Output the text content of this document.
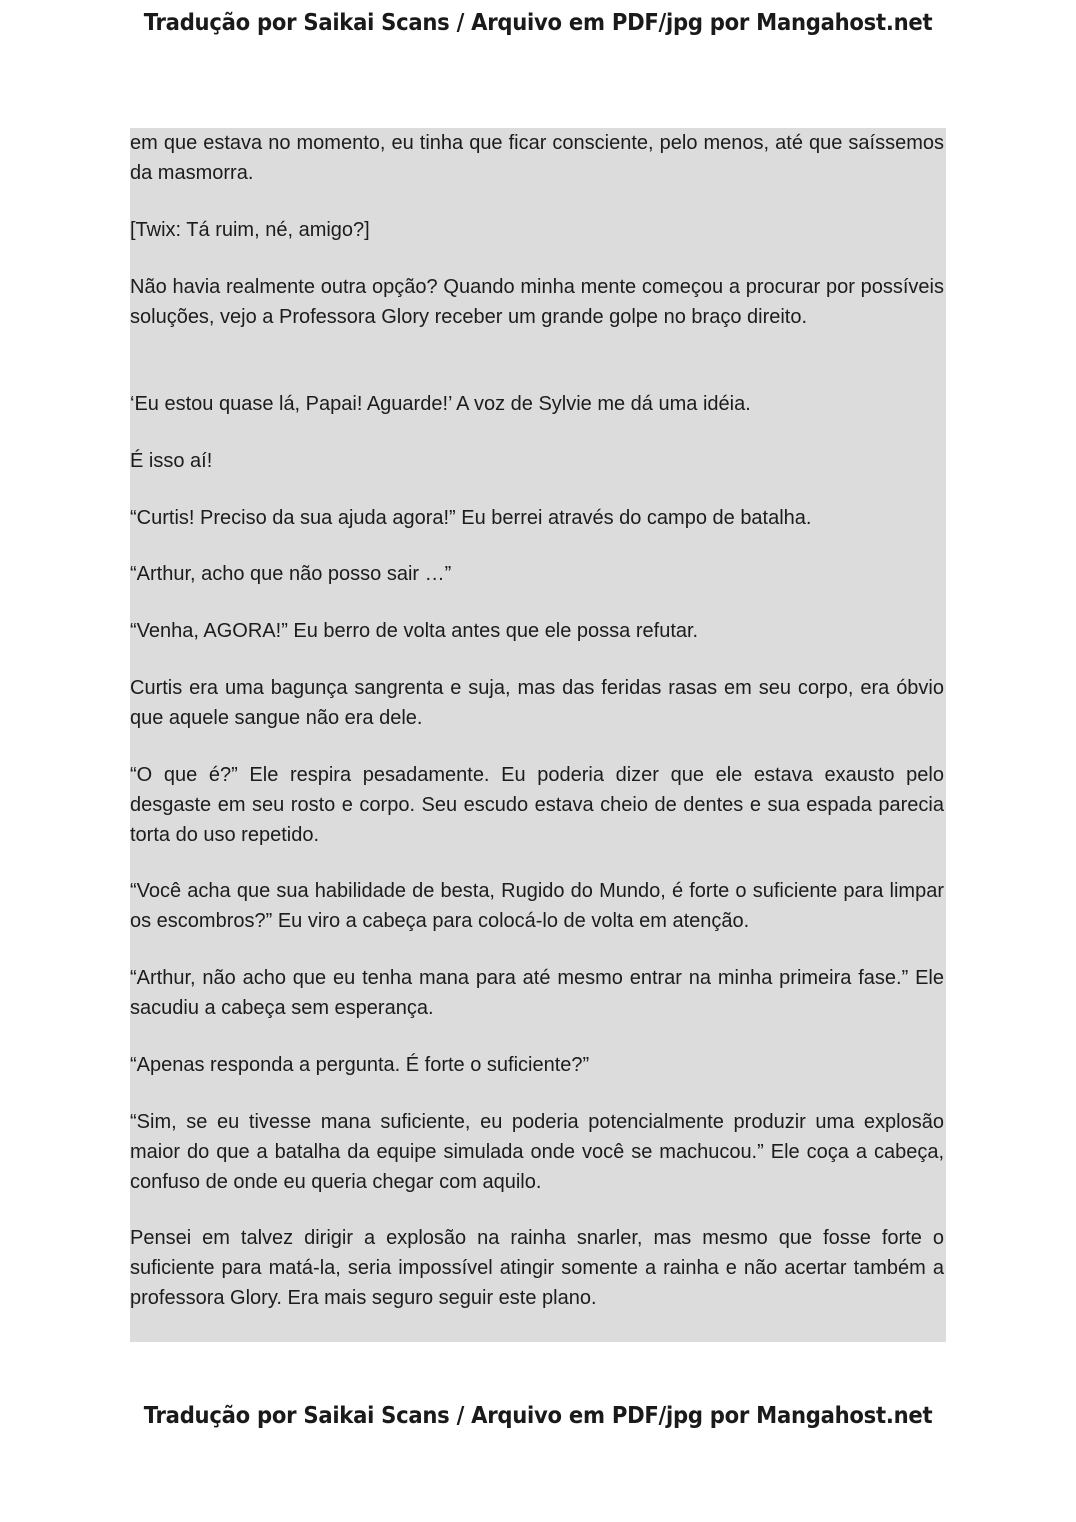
Tradução por Saikai Scans / Arquivo em PDF/jpg por Mangahost.net

em que estava no momento, eu tinha que ficar consciente, pelo menos, até que saíssemos da masmorra.

[Twix: Tá ruim, né, amigo?]

Não havia realmente outra opção? Quando minha mente começou a procurar por possíveis soluções, vejo a Professora Glory receber um grande golpe no braço direito.

‘Eu estou quase lá, Papai! Aguarde!’ A voz de Sylvie me dá uma idéia.

É isso aí!

“Curtis! Preciso da sua ajuda agora!” Eu berrei através do campo de batalha.

“Arthur, acho que não posso sair …”

“Venha, AGORA!” Eu berro de volta antes que ele possa refutar.

Curtis era uma bagunça sangrenta e suja, mas das feridas rasas em seu corpo, era óbvio que aquele sangue não era dele.

“O que é?” Ele respira pesadamente. Eu poderia dizer que ele estava exausto pelo desgaste em seu rosto e corpo. Seu escudo estava cheio de dentes e sua espada parecia torta do uso repetido.

“Você acha que sua habilidade de besta, Rugido do Mundo, é forte o suficiente para limpar os escombros?” Eu viro a cabeça para colocá-lo de volta em atenção.

“Arthur, não acho que eu tenha mana para até mesmo entrar na minha primeira fase.” Ele sacudiu a cabeça sem esperança.

“Apenas responda a pergunta. É forte o suficiente?”

“Sim, se eu tivesse mana suficiente, eu poderia potencialmente produzir uma explosão maior do que a batalha da equipe simulada onde você se machucou.” Ele coça a cabeça, confuso de onde eu queria chegar com aquilo.

Pensei em talvez dirigir a explosão na rainha snarler, mas mesmo que fosse forte o suficiente para matá-la, seria impossível atingir somente a rainha e não acertar também a professora Glory. Era mais seguro seguir este plano.

Tradução por Saikai Scans / Arquivo em PDF/jpg por Mangahost.net
